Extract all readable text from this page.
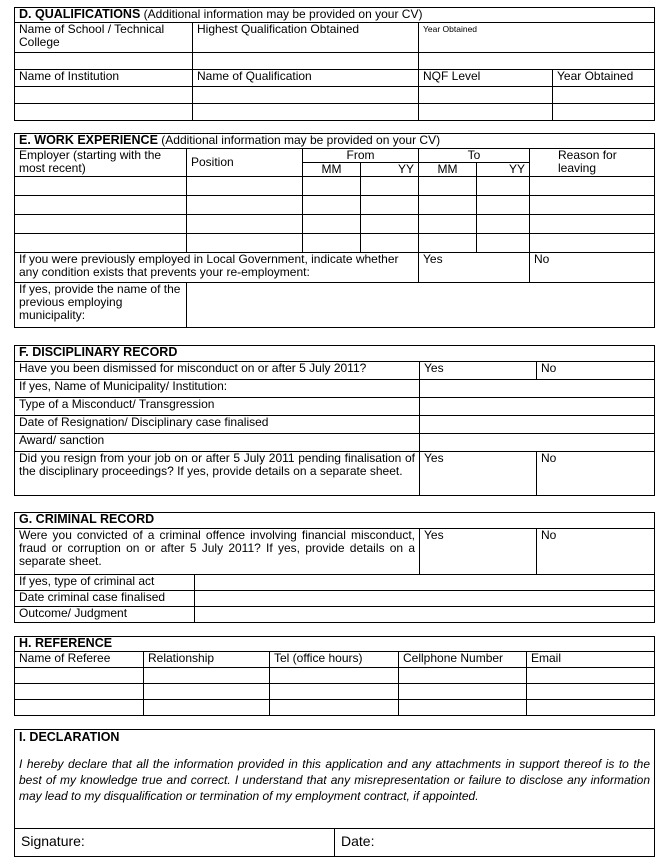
D. QUALIFICATIONS (Additional information may be provided on your CV)			
Name of School / Technical College	Highest Qualification Obtained	Year Obtained	

Name of Institution	Name of Qualification	NQF Level	Year Obtained

E. WORK EXPERIENCE (Additional information may be provided on your CV)						
Employer (starting with the most recent)	Position	From		To		Reason for leaving
		MM	YY	MM	YY	

If you were previously employed in Local Government, indicate whether any condition exists that prevents your re-employment:				Yes		No
If yes, provide the name of the previous employing municipality:						
F. DISCIPLINARY RECORD		
Have you been dismissed for misconduct on or after 5 July 2011?	Yes	No
If yes, Name of Municipality/ Institution:		
Type of a Misconduct/ Transgression		
Date of Resignation/ Disciplinary case finalised		
Award/ sanction		
Did you resign from your job on or after 5 July 2011 pending finalisation of the disciplinary proceedings? If yes, provide details on a separate sheet.	Yes	No
G. CRIMINAL RECORD			
Were you convicted of a criminal offence involving financial misconduct, fraud or corruption on or after 5 July 2011? If yes, provide details on a separate sheet.		Yes	No
If yes, type of criminal act			
Date criminal case finalised			
Outcome/ Judgment			
H. REFERENCE				
Name of Referee	Relationship	Tel (office hours)	Cellphone Number	Email

I. DECLARATION
I hereby declare that all the information provided in this application and any attachments in support thereof is to the best of my knowledge true and correct. I understand that any misrepresentation or failure to disclose any information may lead to my disqualification or termination of my employment contract, if appointed.

Signature:	Date:
